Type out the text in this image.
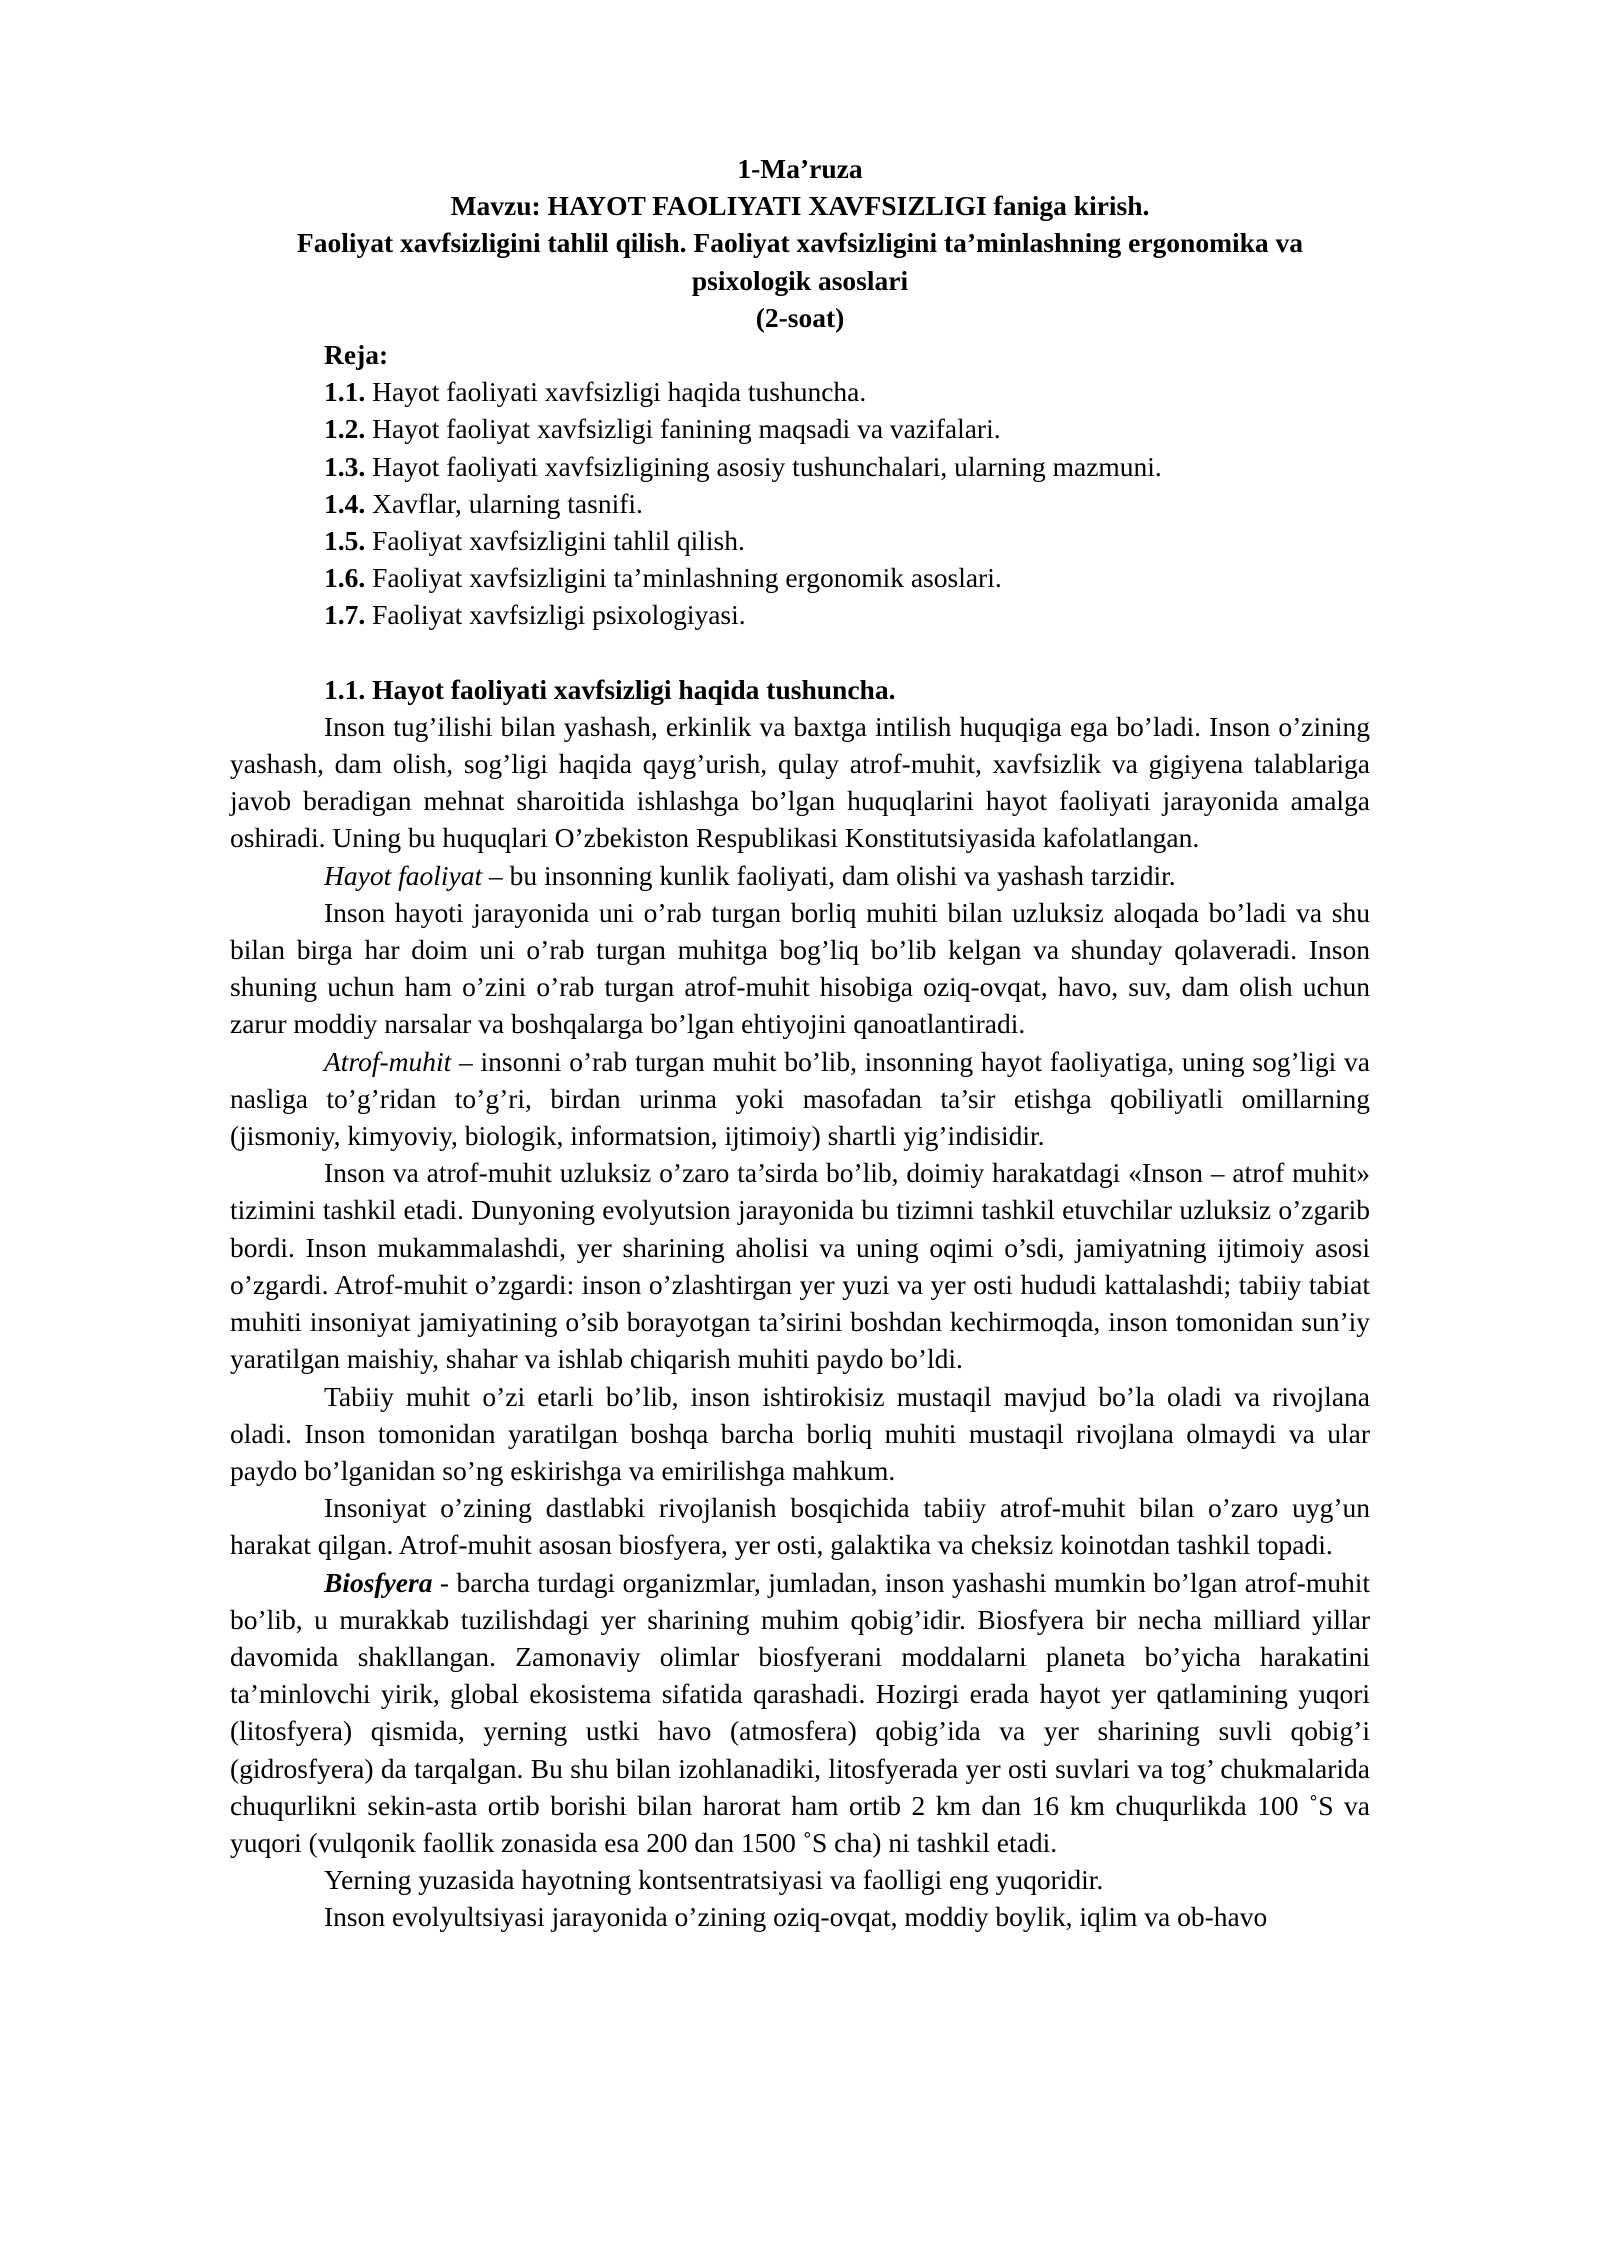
1-Ma’ruza
Mavzu: HAYOT FAOLIYATI XAVFSIZLIGI faniga kirish.
Faoliyat xavfsizligini tahlil qilish. Faoliyat xavfsizligini ta’minlashning ergonomika va
psixologik asoslari
(2-soat)
Reja:
1.1. Hayot faoliyati xavfsizligi haqida tushuncha.
1.2. Hayot faoliyat xavfsizligi fanining maqsadi va vazifalari.
1.3. Hayot faoliyati xavfsizligining asosiy tushunchalari, ularning mazmuni.
1.4. Xavflar, ularning tasnifi.
1.5. Faoliyat xavfsizligini tahlil qilish.
1.6. Faoliyat xavfsizligini ta’minlashning ergonomik asoslari.
1.7. Faoliyat xavfsizligi psixologiyasi.
1.1. Hayot faoliyati xavfsizligi haqida tushuncha.
Inson tug’ilishi bilan yashash, erkinlik va baxtga intilish huquqiga ega bo’ladi. Inson o’zining yashash, dam olish, sog’ligi haqida qayg’urish, qulay atrof-muhit, xavfsizlik va gigiyena talablariga javob beradigan mehnat sharoitida ishlashga bo’lgan huquqlarini hayot faoliyati jarayonida amalga oshiradi. Uning bu huquqlari O’zbekiston Respublikasi Konstitutsiyasida kafolatlangan.
Hayot faoliyat – bu insonning kunlik faoliyati, dam olishi va yashash tarzidir.
Inson hayoti jarayonida uni o’rab turgan borliq muhiti bilan uzluksiz aloqada bo’ladi va shu bilan birga har doim uni o’rab turgan muhitga bog’liq bo’lib kelgan va shunday qolaveradi. Inson shuning uchun ham o’zini o’rab turgan atrof-muhit hisobiga oziq-ovqat, havo, suv, dam olish uchun zarur moddiy narsalar va boshqalarga bo’lgan ehtiyojini qanoatlantiradi.
Atrof-muhit – insonni o’rab turgan muhit bo’lib, insonning hayot faoliyatiga, uning sog’ligi va nasliga to’g’ridan to’g’ri, birdan urinma yoki masofadan ta’sir etishga qobiliyatli omillarning (jismoniy, kimyoviy, biologik, informatsion, ijtimoiy) shartli yig’indisidir.
Inson va atrof-muhit uzluksiz o’zaro ta’sirda bo’lib, doimiy harakatdagi «Inson – atrof muhit» tizimini tashkil etadi. Dunyoning evolyutsion jarayonida bu tizimni tashkil etuvchilar uzluksiz o’zgarib bordi. Inson mukammalashdi, yer sharining aholisi va uning oqimi o’sdi, jamiyatning ijtimoiy asosi o’zgardi. Atrof-muhit o’zgardi: inson o’zlashtirgan yer yuzi va yer osti hududi kattalashdi; tabiiy tabiat muhiti insoniyat jamiyatining o’sib borayotgan ta’sirini boshdan kechirmoqda, inson tomonidan sun’iy yaratilgan maishiy, shahar va ishlab chiqarish muhiti paydo bo’ldi.
Tabiiy muhit o’zi etarli bo’lib, inson ishtirokisiz mustaqil mavjud bo’la oladi va rivojlana oladi. Inson tomonidan yaratilgan boshqa barcha borliq muhiti mustaqil rivojlana olmaydi va ular paydo bo’lganidan so’ng eskirishga va emirilishga mahkum.
Insoniyat o’zining dastlabki rivojlanish bosqichida tabiiy atrof-muhit bilan o’zaro uyg’un harakat qilgan. Atrof-muhit asosan biosfyera, yer osti, galaktika va cheksiz koinotdan tashkil topadi.
Biosfyera - barcha turdagi organizmlar, jumladan, inson yashashi mumkin bo’lgan atrof-muhit bo’lib, u murakkab tuzilishdagi yer sharining muhim qobig’idir. Biosfyera bir necha milliard yillar davomida shakllangan. Zamonaviy olimlar biosfyerani moddalarni planeta bo’yicha harakatini ta’minlovchi yirik, global ekosistema sifatida qarashadi. Hozirgi erada hayot yer qatlamining yuqori (litosfyera) qismida, yerning ustki havo (atmosfera) qobig’ida va yer sharining suvli qobig’i (gidrosfyera) da tarqalgan. Bu shu bilan izohlanadiki, litosfyerada yer osti suvlari va tog’ chukmalarida chuqurlikni sekin-asta ortib borishi bilan harorat ham ortib 2 km dan 16 km chuqurlikda 100 ˚S va yuqori (vulqonik faollik zonasida esa 200 dan 1500 ˚S cha) ni tashkil etadi.
Yerning yuzasida hayotning kontsentratsiyasi va faolligi eng yuqoridir.
Inson evolyultsiyasi jarayonida o’zining oziq-ovqat, moddiy boylik, iqlim va ob-havo
